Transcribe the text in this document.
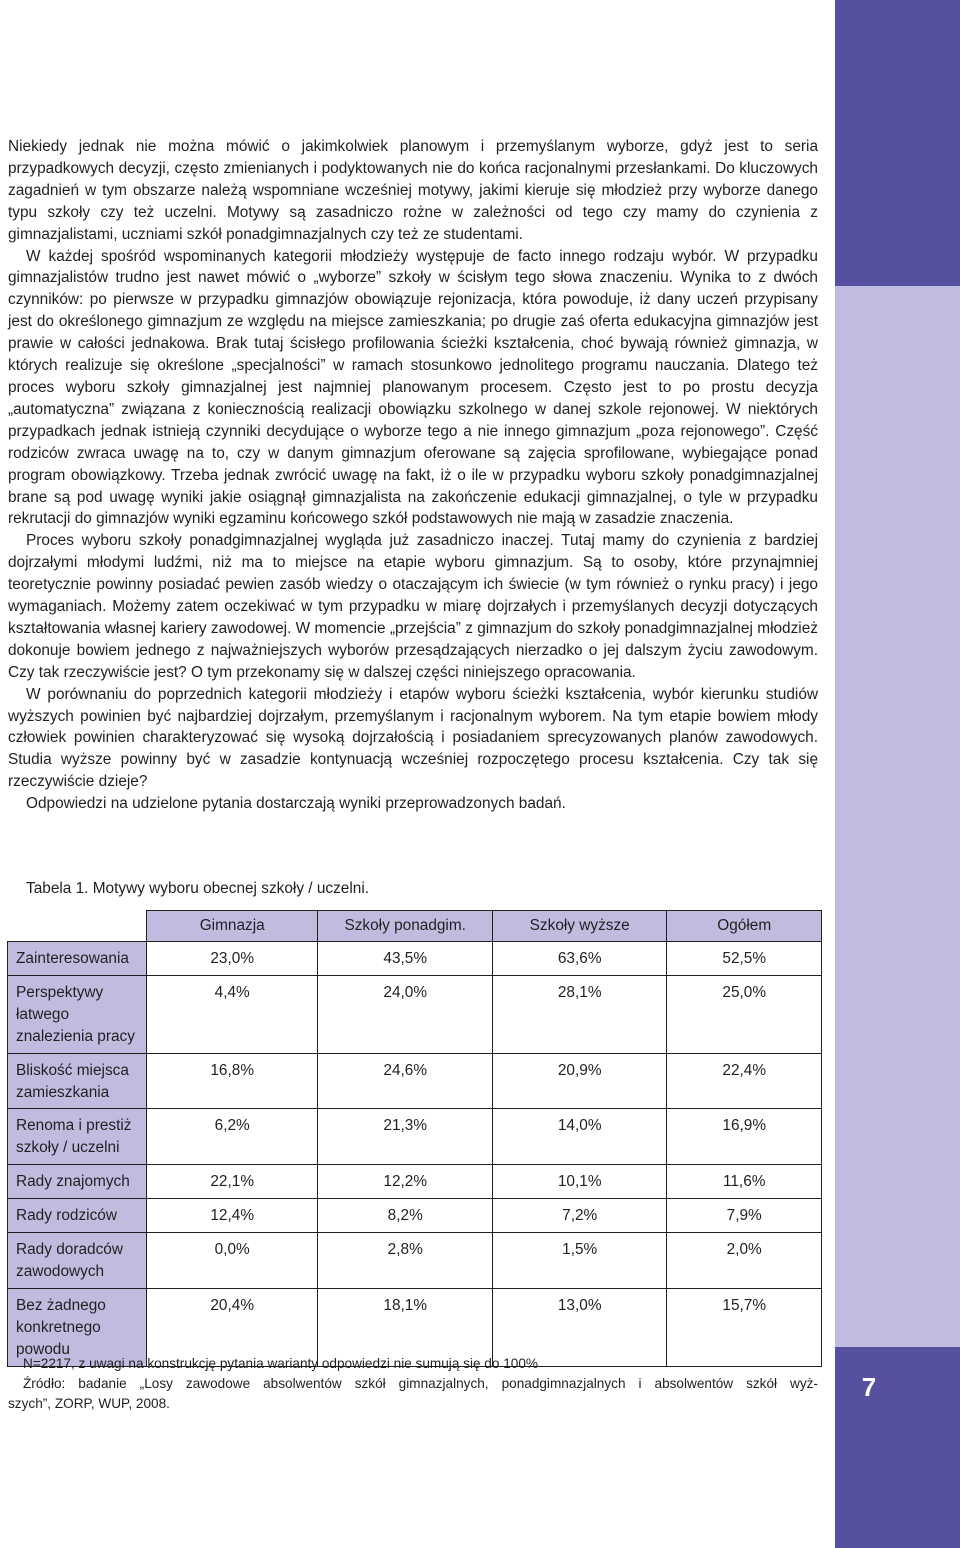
7

Niekiedy jednak nie można mówić o jakimkolwiek planowym i przemyślanym wyborze, gdyż jest to seria przypadkowych decyzji, często zmienianych i podyktowanych nie do końca racjonalnymi przesłankami. Do kluczowych zagadnień w tym obszarze należą wspomniane wcześniej motywy, jakimi kieruje się młodzież przy wyborze danego typu szkoły czy też uczelni. Motywy są zasadniczo rożne w zależności od tego czy mamy do czynienia z gimnazjalistami, uczniami szkół ponadgimnazjalnych czy też ze studentami.

W każdej spośród wspominanych kategorii młodzieży występuje de facto innego rodzaju wybór. W przypadku gimnazjalistów trudno jest nawet mówić o „wyborze” szkoły w ścisłym tego słowa znaczeniu. Wynika to z dwóch czynników: po pierwsze w przypadku gimnazjów obowiązuje rejonizacja, która powoduje, iż dany uczeń przypisany jest do określonego gimnazjum ze względu na miejsce zamieszkania; po drugie zaś oferta edukacyjna gimnazjów jest prawie w całości jednakowa. Brak tutaj ścisłego profilowania ścieżki kształcenia, choć bywają również gimnazja, w których realizuje się określone „specjalności” w ramach stosunkowo jednolitego programu nauczania. Dlatego też proces wyboru szkoły gimnazjalnej jest najmniej planowanym procesem. Często jest to po prostu decyzja „automatyczna” związana z koniecznością realizacji obowiązku szkolnego w danej szkole rejonowej. W niektórych przypadkach jednak istnieją czynniki decydujące o wyborze tego a nie innego gimnazjum „poza rejonowego”. Część rodziców zwraca uwagę na to, czy w danym gimnazjum oferowane są zajęcia sprofilowane, wybiegające ponad program obowiązkowy. Trzeba jednak zwrócić uwagę na fakt, iż o ile w przypadku wyboru szkoły ponadgimnazjalnej brane są pod uwagę wyniki jakie osiągnął gimnazjalista na zakończenie edukacji gimnazjalnej, o tyle w przypadku rekrutacji do gimnazjów wyniki egzaminu końcowego szkół podstawowych nie mają w zasadzie znaczenia.

Proces wyboru szkoły ponadgimnazjalnej wygląda już zasadniczo inaczej. Tutaj mamy do czynienia z bardziej dojrzałymi młodymi ludźmi, niż ma to miejsce na etapie wyboru gimnazjum. Są to osoby, które przynajmniej teoretycznie powinny posiadać pewien zasób wiedzy o otaczającym ich świecie (w tym również o rynku pracy) i jego wymaganiach. Możemy zatem oczekiwać w tym przypadku w miarę dojrzałych i przemyślanych decyzji dotyczących kształtowania własnej kariery zawodowej. W momencie „przejścia” z gimnazjum do szkoły ponadgimnazjalnej młodzież dokonuje bowiem jednego z najważniejszych wyborów przesądzających nierzadko o jej dalszym życiu zawodowym. Czy tak rzeczywiście jest? O tym przekonamy się w dalszej części niniejszego opracowania.

W porównaniu do poprzednich kategorii młodzieży i etapów wyboru ścieżki kształcenia, wybór kierunku studiów wyższych powinien być najbardziej dojrzałym, przemyślanym i racjonalnym wyborem. Na tym etapie bowiem młody człowiek powinien charakteryzować się wysoką dojrzałością i posiadaniem sprecyzowanych planów zawodowych. Studia wyższe powinny być w zasadzie kontynuacją wcześniej rozpoczętego procesu kształcenia. Czy tak się rzeczywiście dzieje?

Odpowiedzi na udzielone pytania dostarczają wyniki przeprowadzonych badań.

Tabela 1. Motywy wyboru obecnej szkoły / uczelni.
	Gimnazja	Szkoły ponadgim.	Szkoły wyższe	Ogółem
Zainteresowania	23,0%	43,5%	63,6%	52,5%
Perspektywy łatwego znalezienia pracy	4,4%	24,0%	28,1%	25,0%
Bliskość miejsca zamieszkania	16,8%	24,6%	20,9%	22,4%
Renoma i prestiż szkoły / uczelni	6,2%	21,3%	14,0%	16,9%
Rady znajomych	22,1%	12,2%	10,1%	11,6%
Rady rodziców	12,4%	8,2%	7,2%	7,9%
Rady doradców zawodowych	0,0%	2,8%	1,5%	2,0%
Bez żadnego konkretnego powodu	20,4%	18,1%	13,0%	15,7%
N=2217, z uwagi na konstrukcję pytania warianty odpowiedzi nie sumują się do 100%
Źródło: badanie „Losy zawodowe absolwentów szkół gimnazjalnych, ponadgimnazjalnych i absolwentów szkół wyż-
szych”, ZORP, WUP, 2008.
